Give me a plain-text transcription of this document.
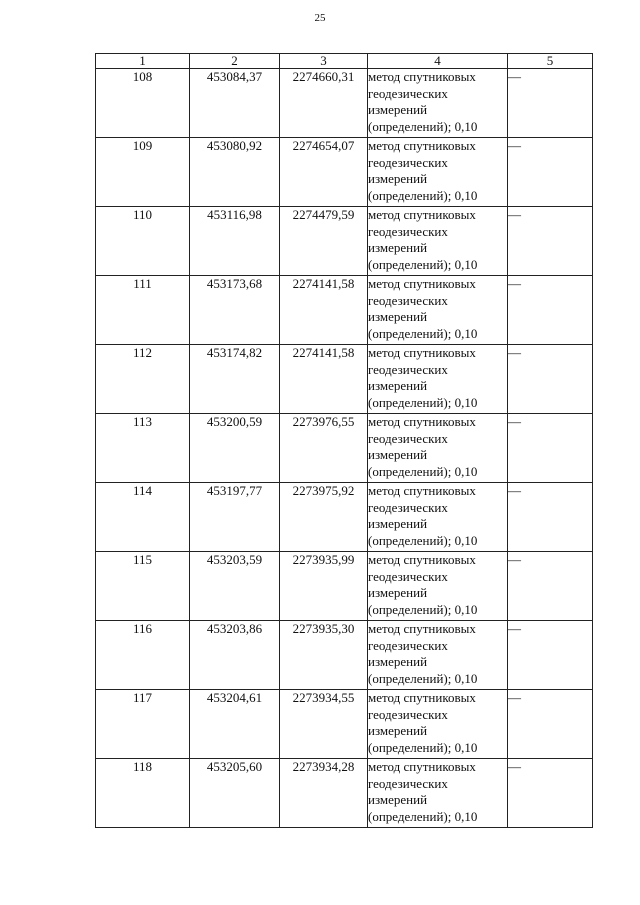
25
1	2	3	4	5
108	453084,37	2274660,31	метод спутниковых
геодезических
измерений
(определений); 0,10	—
109	453080,92	2274654,07	метод спутниковых
геодезических
измерений
(определений); 0,10	—
110	453116,98	2274479,59	метод спутниковых
геодезических
измерений
(определений); 0,10	—
111	453173,68	2274141,58	метод спутниковых
геодезических
измерений
(определений); 0,10	—
112	453174,82	2274141,58	метод спутниковых
геодезических
измерений
(определений); 0,10	—
113	453200,59	2273976,55	метод спутниковых
геодезических
измерений
(определений); 0,10	—
114	453197,77	2273975,92	метод спутниковых
геодезических
измерений
(определений); 0,10	—
115	453203,59	2273935,99	метод спутниковых
геодезических
измерений
(определений); 0,10	—
116	453203,86	2273935,30	метод спутниковых
геодезических
измерений
(определений); 0,10	—
117	453204,61	2273934,55	метод спутниковых
геодезических
измерений
(определений); 0,10	—
118	453205,60	2273934,28	метод спутниковых
геодезических
измерений
(определений); 0,10	—
